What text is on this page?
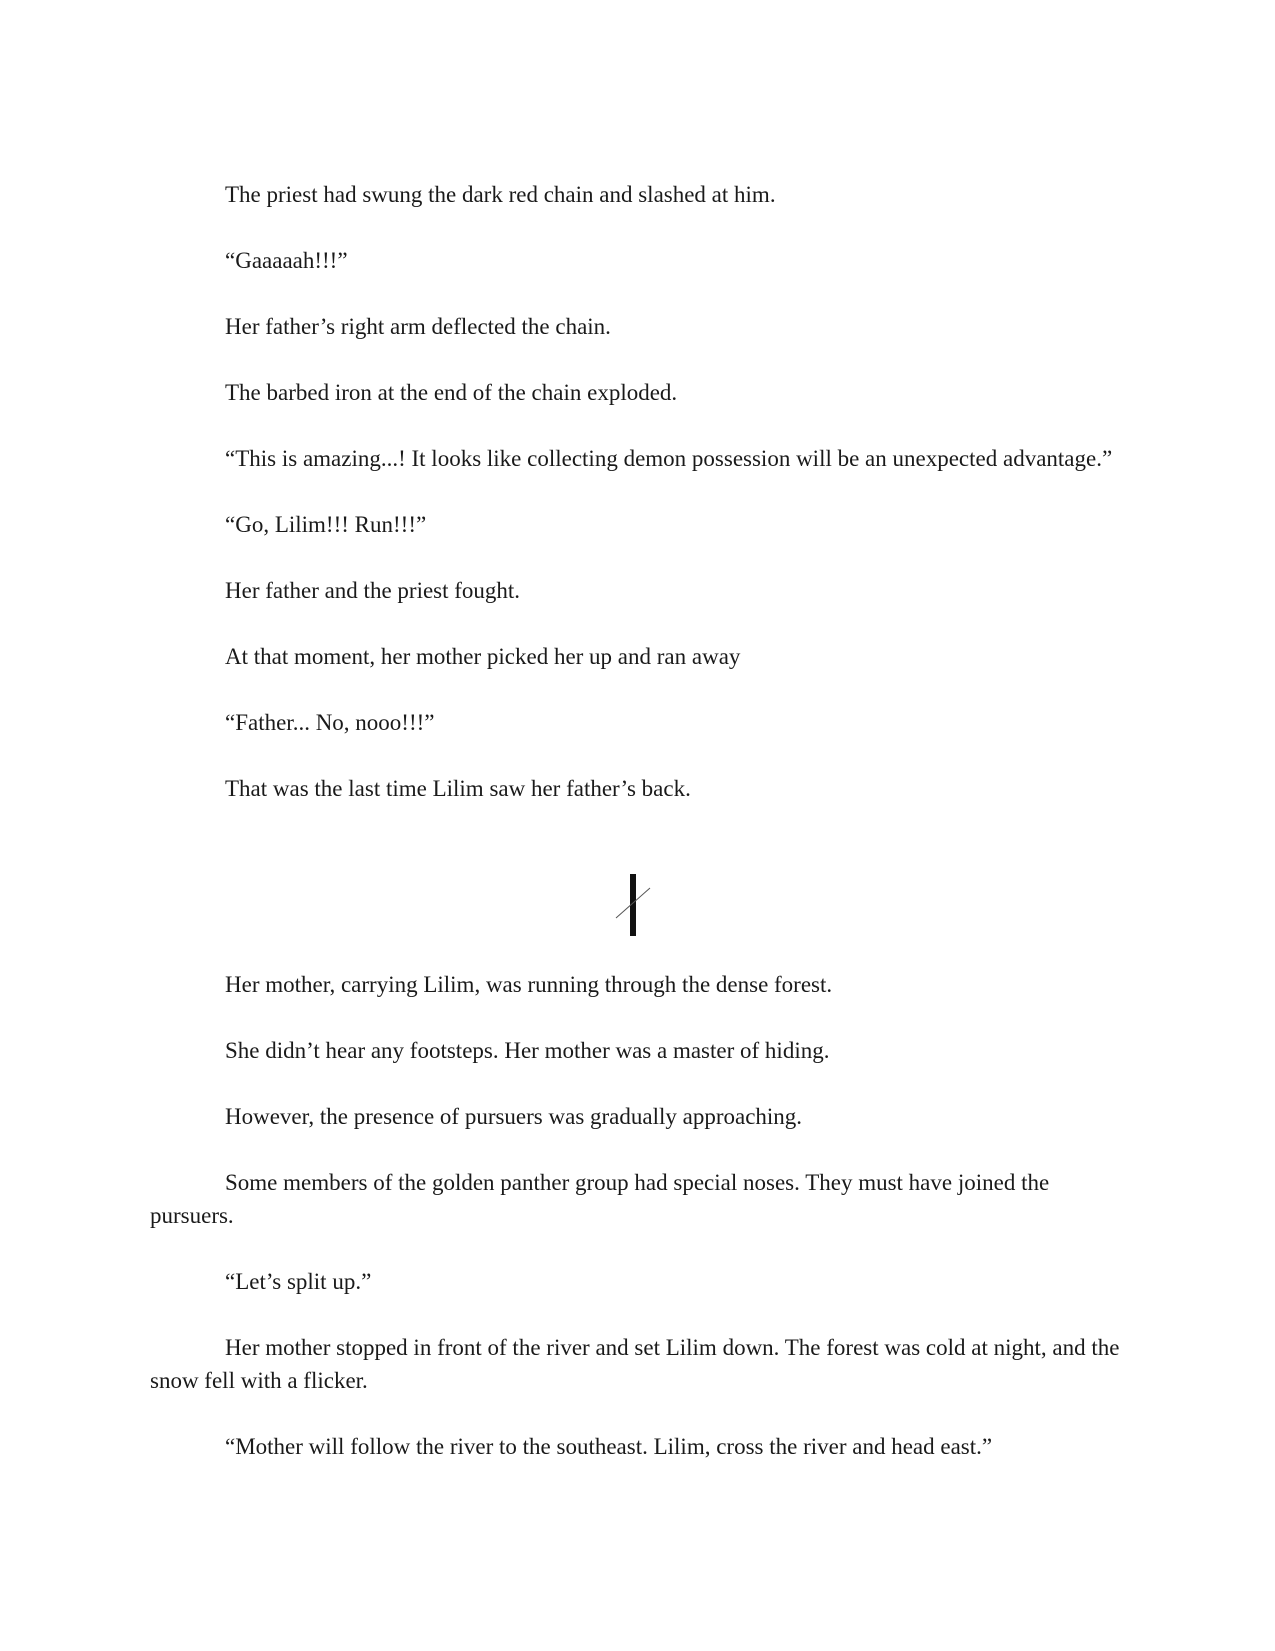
The priest had swung the dark red chain and slashed at him.

“Gaaaaah!!!”

Her father’s right arm deflected the chain.

The barbed iron at the end of the chain exploded.

“This is amazing...! It looks like collecting demon possession will be an unexpected advantage.”

“Go, Lilim!!! Run!!!”

Her father and the priest fought.

At that moment, her mother picked her up and ran away

“Father... No, nooo!!!”

That was the last time Lilim saw her father’s back.

Her mother, carrying Lilim, was running through the dense forest.

She didn’t hear any footsteps. Her mother was a master of hiding.

However, the presence of pursuers was gradually approaching.

Some members of the golden panther group had special noses. They must have joined the pursuers.

“Let’s split up.”

Her mother stopped in front of the river and set Lilim down. The forest was cold at night, and the snow fell with a flicker.

“Mother will follow the river to the southeast. Lilim, cross the river and head east.”
